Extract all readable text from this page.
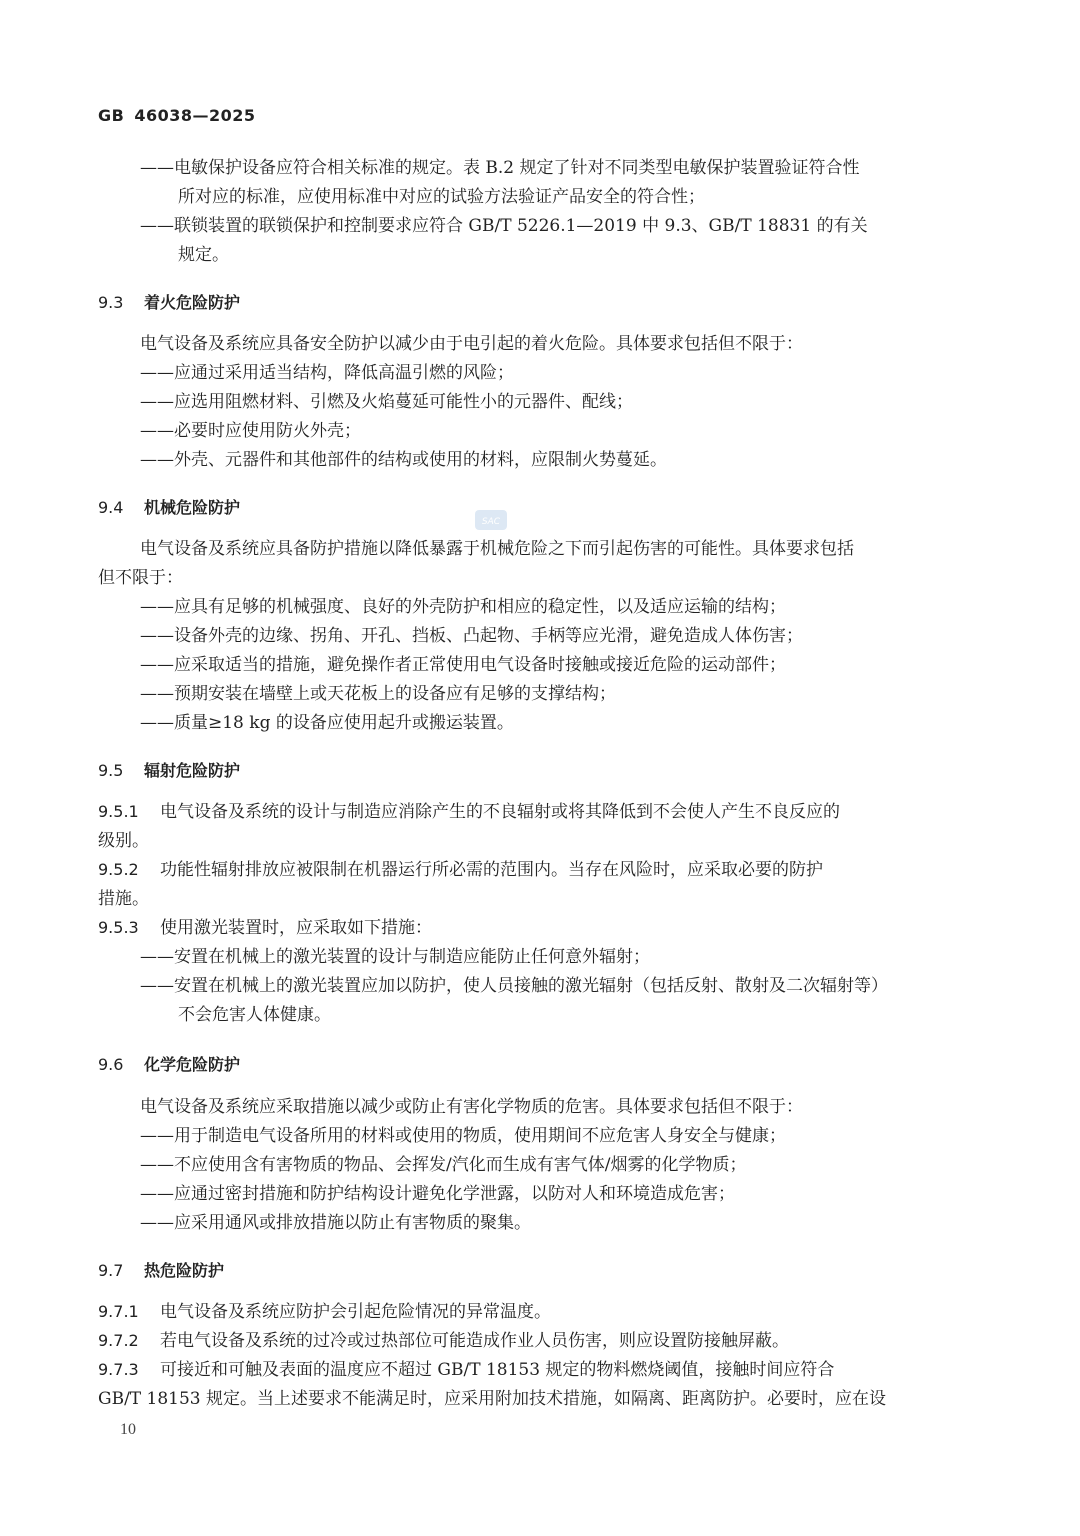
GB 46038—2025
——电敏保护设备应符合相关标准的规定。表 B.2 规定了针对不同类型电敏保护装置验证符合性
所对应的标准，应使用标准中对应的试验方法验证产品安全的符合性；
——联锁装置的联锁保护和控制要求应符合 GB/T 5226.1—2019 中 9.3、GB/T 18831 的有关
规定。
9.3 着火危险防护
电气设备及系统应具备安全防护以减少由于电引起的着火危险。具体要求包括但不限于：
——应通过采用适当结构，降低高温引燃的风险；
——应选用阻燃材料、引燃及火焰蔓延可能性小的元器件、配线；
——必要时应使用防火外壳；
——外壳、元器件和其他部件的结构或使用的材料，应限制火势蔓延。
9.4 机械危险防护
SAC
电气设备及系统应具备防护措施以降低暴露于机械危险之下而引起伤害的可能性。具体要求包括
但不限于：
——应具有足够的机械强度、良好的外壳防护和相应的稳定性，以及适应运输的结构；
——设备外壳的边缘、拐角、开孔、挡板、凸起物、手柄等应光滑，避免造成人体伤害；
——应采取适当的措施，避免操作者正常使用电气设备时接触或接近危险的运动部件；
——预期安装在墙壁上或天花板上的设备应有足够的支撑结构；
——质量≥18 kg 的设备应使用起升或搬运装置。
9.5 辐射危险防护
9.5.1 电气设备及系统的设计与制造应消除产生的不良辐射或将其降低到不会使人产生不良反应的
级别。
9.5.2 功能性辐射排放应被限制在机器运行所必需的范围内。当存在风险时，应采取必要的防护
措施。
9.5.3 使用激光装置时，应采取如下措施：
——安置在机械上的激光装置的设计与制造应能防止任何意外辐射；
——安置在机械上的激光装置应加以防护，使人员接触的激光辐射（包括反射、散射及二次辐射等）
不会危害人体健康。
9.6 化学危险防护
电气设备及系统应采取措施以减少或防止有害化学物质的危害。具体要求包括但不限于：
——用于制造电气设备所用的材料或使用的物质，使用期间不应危害人身安全与健康；
——不应使用含有害物质的物品、会挥发/汽化而生成有害气体/烟雾的化学物质；
——应通过密封措施和防护结构设计避免化学泄露，以防对人和环境造成危害；
——应采用通风或排放措施以防止有害物质的聚集。
9.7 热危险防护
9.7.1 电气设备及系统应防护会引起危险情况的异常温度。
9.7.2 若电气设备及系统的过冷或过热部位可能造成作业人员伤害，则应设置防接触屏蔽。
9.7.3 可接近和可触及表面的温度应不超过 GB/T 18153 规定的物料燃烧阈值，接触时间应符合
GB/T 18153 规定。当上述要求不能满足时，应采用附加技术措施，如隔离、距离防护。必要时，应在设
10
